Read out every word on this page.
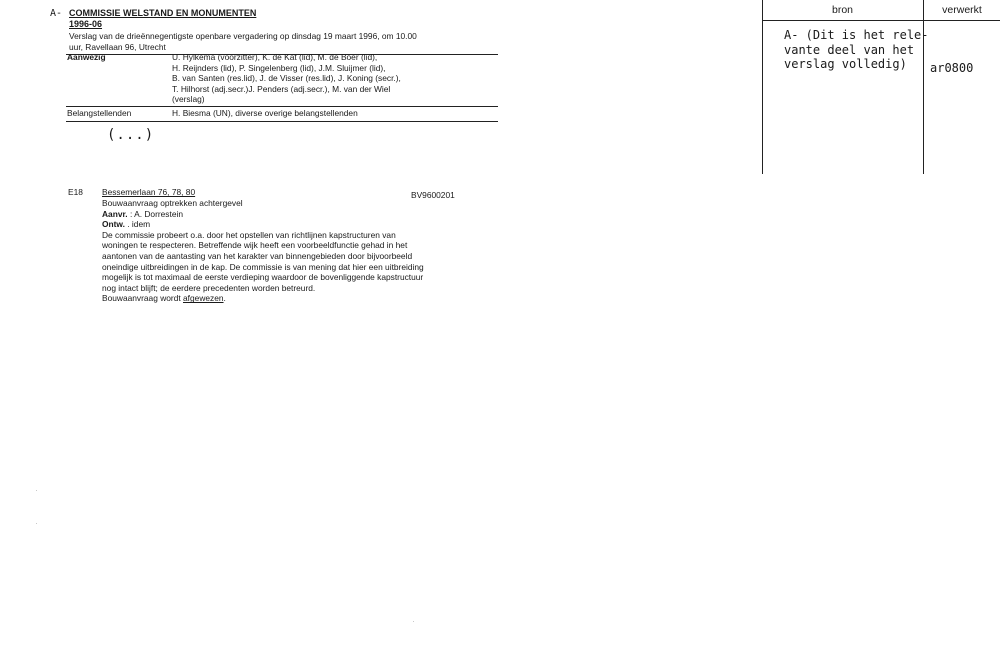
A- COMMISSIE WELSTAND EN MONUMENTEN
1996-06
Verslag van de drieënnegentigste openbare vergadering op dinsdag 19 maart 1996, om 10.00
uur, Ravellaan 96, Utrecht
Aanwezig	U. Hylkema (voorzitter), K. de Kat (lid), M. de Boer (lid),
H. Reijnders (lid), P. Singelenberg (lid), J.M. Sluijmer (lid),
B. van Santen (res.lid), J. de Visser (res.lid), J. Koning (secr.),
T. Hilhorst (adj.secr.)J. Penders (adj.secr.), M. van der Wiel
(verslag)
Belangstellenden	H. Biesma (UN), diverse overige belangstellenden
(...)
bron	verwerkt
A- (Dit is het rele-
vante deel van het
verslag volledig)	ar0800
E18 Bessemerlaan 76, 78, 80	BV9600201
Bouwaanvraag optrekken achtergevel
Aanvr. : A. Dorrestein
Ontw. . idem
De commissie probeert o.a. door het opstellen van richtlijnen kapstructuren van
woningen te respecteren. Betreffende wijk heeft een voorbeeldfunctie gehad in het
aantonen van de aantasting van het karakter van binnengebieden door bijvoorbeeld
oneindige uitbreidingen in de kap. De commissie is van mening dat hier een uitbreiding
mogelijk is tot maximaal de eerste verdieping waardoor de bovenliggende kapstructuur
nog intact blijft; de eerdere precedenten worden betreurd.
Bouwaanvraag wordt afgewezen.
